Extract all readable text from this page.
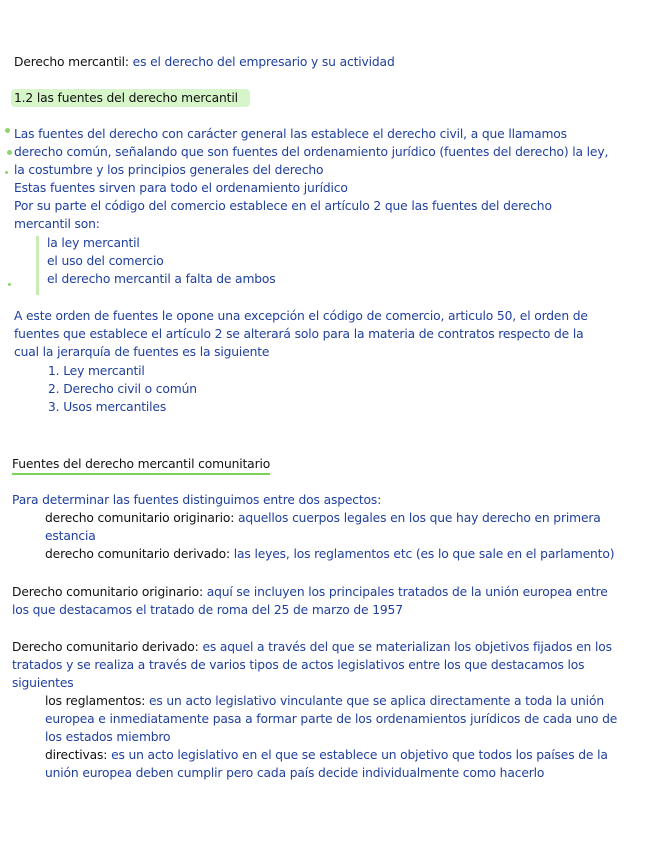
Derecho mercantil: es el derecho del empresario y su actividad
1.2 las fuentes del derecho mercantil
Las fuentes del derecho con carácter general las establece el derecho civil, a que llamamos
derecho común, señalando que son fuentes del ordenamiento jurídico (fuentes del derecho) la ley,
la costumbre y los principios generales del derecho
Estas fuentes sirven para todo el ordenamiento jurídico
Por su parte el código del comercio establece en el artículo 2 que las fuentes del derecho
mercantil son:
la ley mercantil
el uso del comercio
el derecho mercantil a falta de ambos
A este orden de fuentes le opone una excepción el código de comercio, articulo 50, el orden de
fuentes que establece el artículo 2 se alterará solo para la materia de contratos respecto de la
cual la jerarquía de fuentes es la siguiente
1. Ley mercantil
2. Derecho civil o común
3. Usos mercantiles
Fuentes del derecho mercantil comunitario
Para determinar las fuentes distinguimos entre dos aspectos:
derecho comunitario originario: aquellos cuerpos legales en los que hay derecho en primera
estancia
derecho comunitario derivado: las leyes, los reglamentos etc (es lo que sale en el parlamento)
Derecho comunitario originario: aquí se incluyen los principales tratados de la unión europea entre
los que destacamos el tratado de roma del 25 de marzo de 1957
Derecho comunitario derivado: es aquel a través del que se materializan los objetivos fijados en los
tratados y se realiza a través de varios tipos de actos legislativos entre los que destacamos los
siguientes
los reglamentos: es un acto legislativo vinculante que se aplica directamente a toda la unión
europea e inmediatamente pasa a formar parte de los ordenamientos jurídicos de cada uno de
los estados miembro
directivas: es un acto legislativo en el que se establece un objetivo que todos los países de la
unión europea deben cumplir pero cada país decide individualmente como hacerlo
